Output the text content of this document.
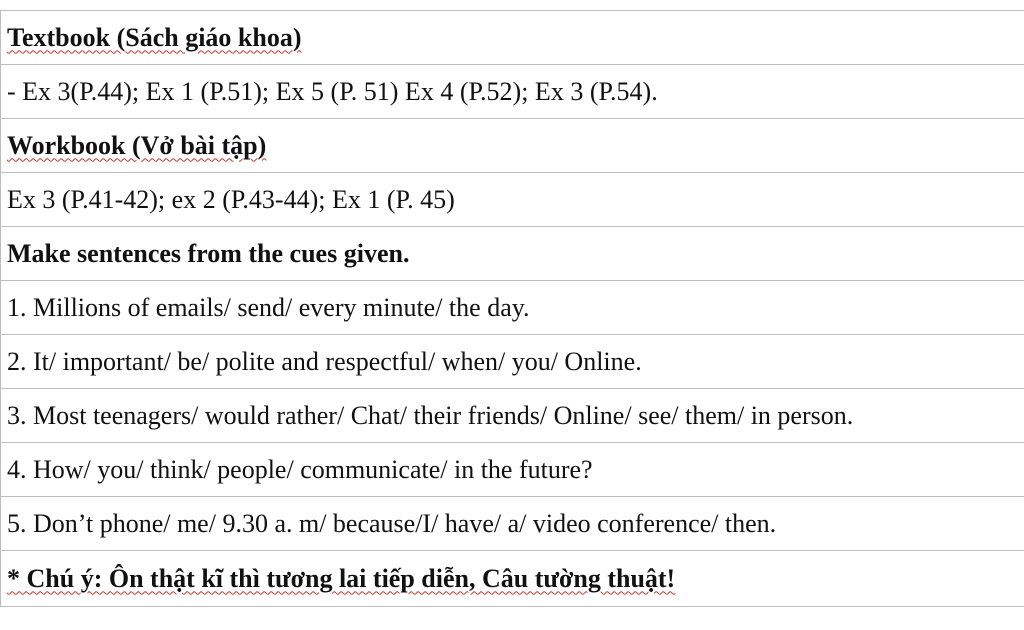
Textbook (Sách giáo khoa)
- Ex 3(P.44); Ex 1 (P.51); Ex 5 (P. 51) Ex 4 (P.52); Ex 3 (P.54).
Workbook (Vở bài tập)
Ex 3 (P.41-42); ex 2 (P.43-44); Ex 1 (P. 45)
Make sentences from the cues given.
1. Millions of emails/ send/ every minute/ the day.
2. It/ important/ be/ polite and respectful/ when/ you/ Online.
3. Most teenagers/ would rather/ Chat/ their friends/ Online/ see/ them/ in person.
4. How/ you/ think/ people/ communicate/ in the future?
5. Don’t phone/ me/ 9.30 a. m/ because/I/ have/ a/ video conference/ then.
* Chú ý: Ôn thật kĩ thì tương lai tiếp diễn, Câu tường thuật!
